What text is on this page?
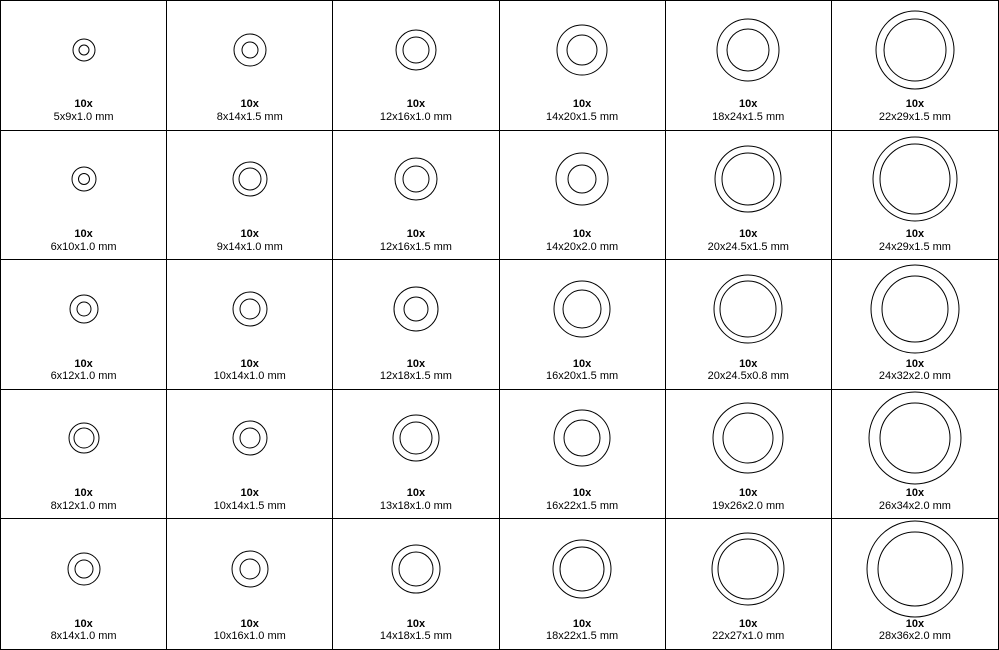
10x
5x9x1.0 mm
10x
8x14x1.5 mm
10x
12x16x1.0 mm
10x
14x20x1.5 mm
10x
18x24x1.5 mm
10x
22x29x1.5 mm
10x
6x10x1.0 mm
10x
9x14x1.0 mm
10x
12x16x1.5 mm
10x
14x20x2.0 mm
10x
20x24.5x1.5 mm
10x
24x29x1.5 mm
10x
6x12x1.0 mm
10x
10x14x1.0 mm
10x
12x18x1.5 mm
10x
16x20x1.5 mm
10x
20x24.5x0.8 mm
10x
24x32x2.0 mm
10x
8x12x1.0 mm
10x
10x14x1.5 mm
10x
13x18x1.0 mm
10x
16x22x1.5 mm
10x
19x26x2.0 mm
10x
26x34x2.0 mm
10x
8x14x1.0 mm
10x
10x16x1.0 mm
10x
14x18x1.5 mm
10x
18x22x1.5 mm
10x
22x27x1.0 mm
10x
28x36x2.0 mm
